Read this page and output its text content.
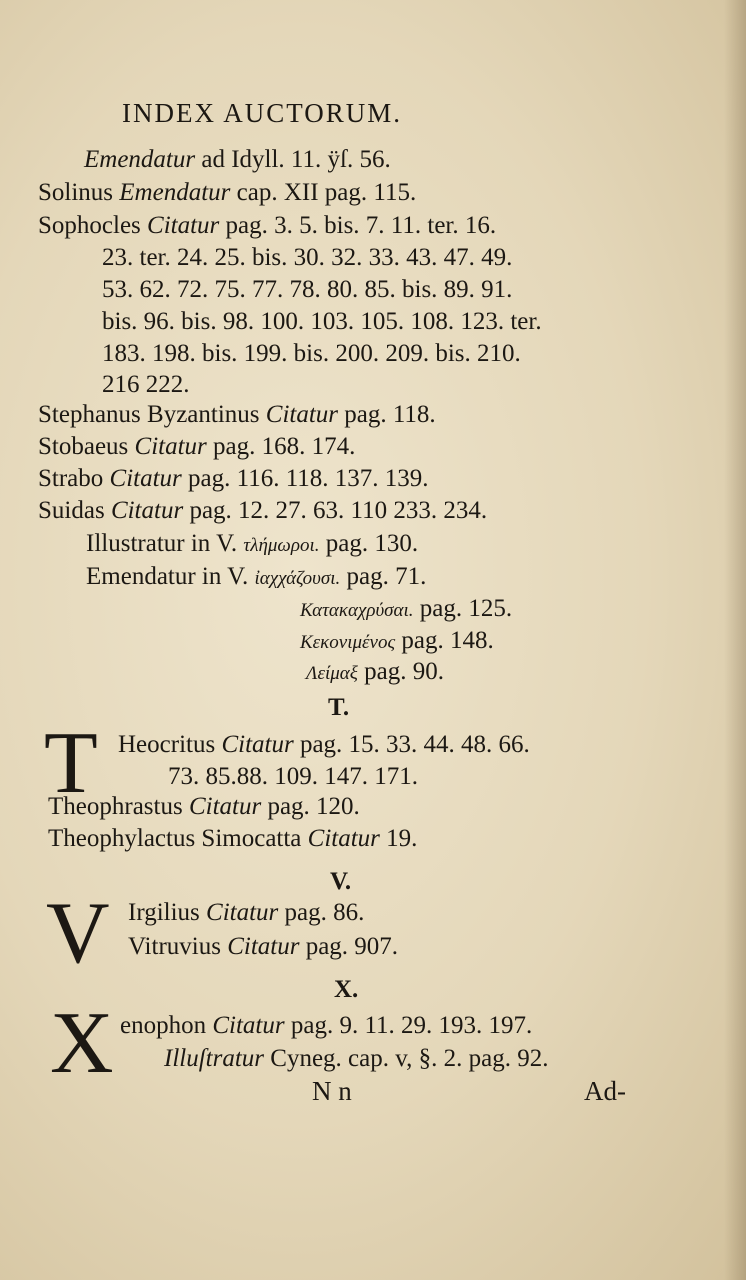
INDEX AUCTORUM.
Emendatur ad Idyll. 11. ÿſ. 56.
Solinus Emendatur cap. XII pag. 115.
Sophocles Citatur pag. 3. 5. bis. 7. 11. ter. 16.
23. ter. 24. 25. bis. 30. 32. 33. 43. 47. 49.
53. 62. 72. 75. 77. 78. 80. 85. bis. 89. 91.
bis. 96. bis. 98. 100. 103. 105. 108. 123. ter.
183. 198. bis. 199. bis. 200. 209. bis. 210.
216 222.
Stephanus Byzantinus Citatur pag. 118.
Stobaeus Citatur pag. 168. 174.
Strabo Citatur pag. 116. 118. 137. 139.
Suidas Citatur pag. 12. 27. 63. 110 233. 234.
Illustratur in V. τλήμωροι. pag. 130.
Emendatur in V. ἰαχχάζουσι. pag. 71.
Κατακαχρύσαι. pag. 125.
Κεκονιμένος pag. 148.
Λείμαξ pag. 90.
T.
T Heocritus Citatur pag. 15. 33. 44. 48. 66.
73. 85.88. 109. 147. 171.
Theophrastus Citatur pag. 120.
Theophylactus Simocatta Citatur 19.
V.
V Irgilius Citatur pag. 86.
Vitruvius Citatur pag. 907.
X.
X enophon Citatur pag. 9. 11. 29. 193. 197.
Illuſtratur Cyneg. cap. v, §. 2. pag. 92.
N n	Ad-
